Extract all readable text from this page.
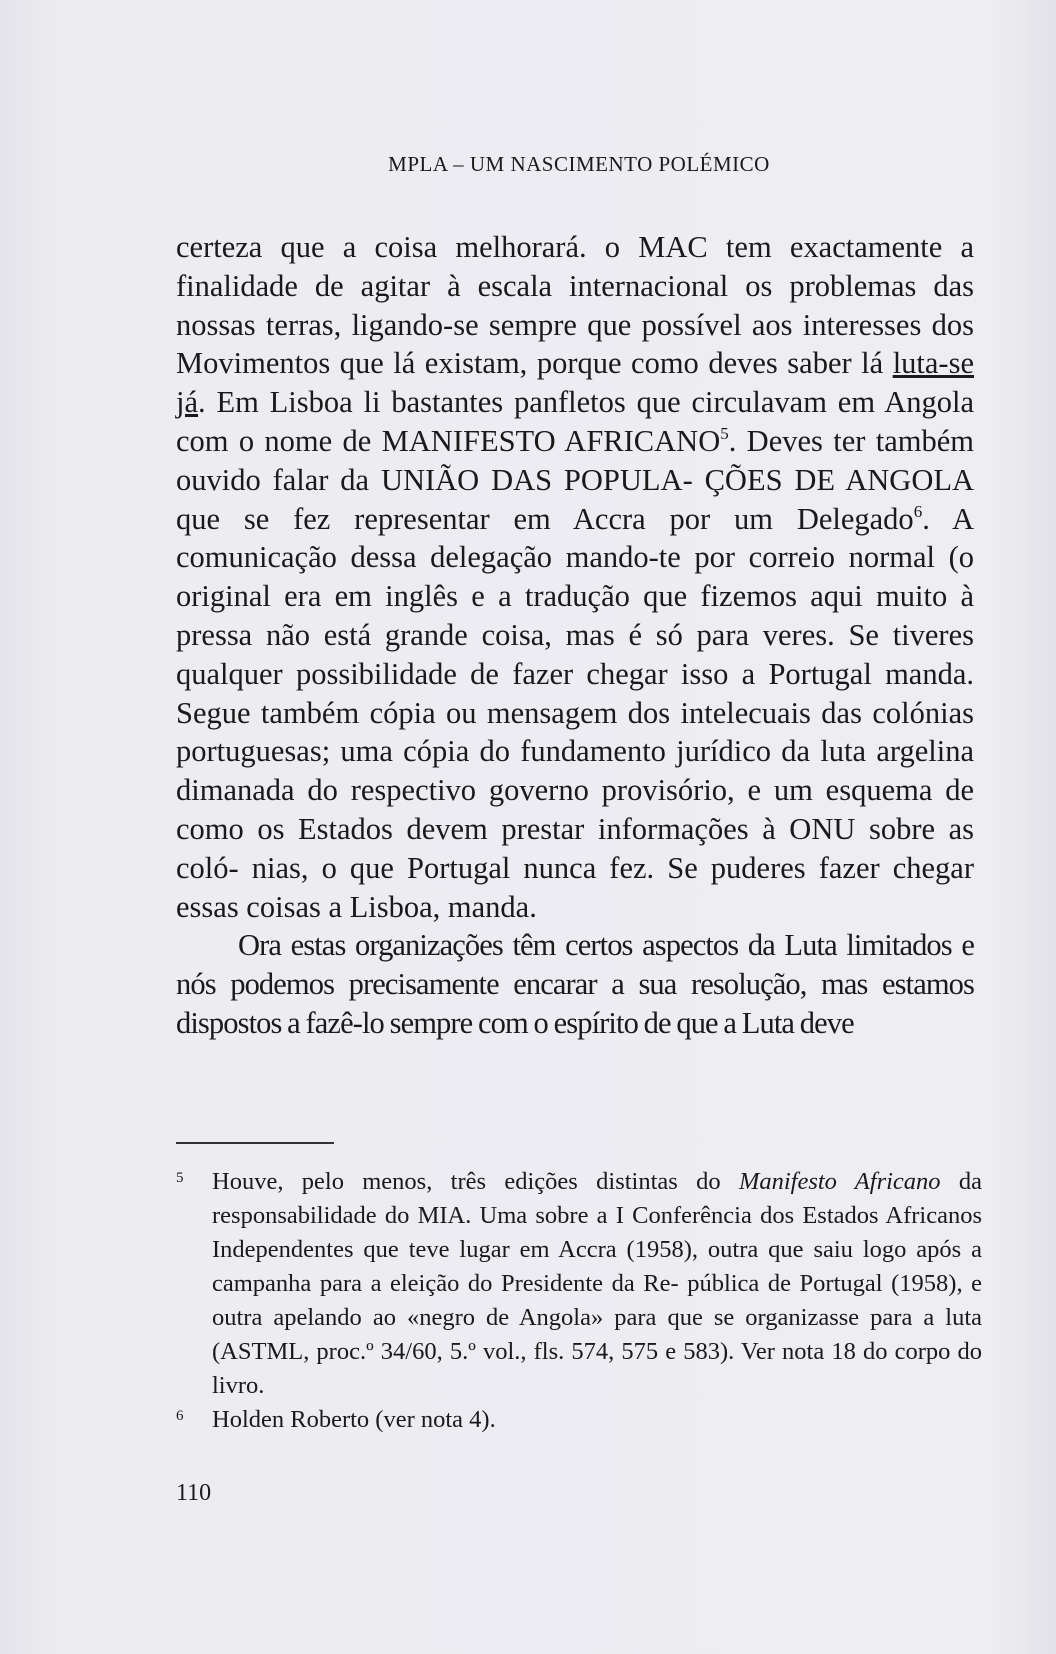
MPLA – UM NASCIMENTO POLÉMICO

certeza que a coisa melhorará. o MAC tem exactamente a finalidade de agitar à escala internacional os problemas das nossas terras, ligando-se sempre que possível aos interesses dos Movimentos que lá existam, porque como deves saber lá luta-se já. Em Lisboa li bastantes panfletos que circulavam em Angola com o nome de MANIFESTO AFRICANO$^5$. Deves ter também ouvido falar da UNIÃO DAS POPULA- ÇÕES DE ANGOLA que se fez representar em Accra por um Delegado$^6$. A comunicação dessa delegação mando-te por correio normal (o original era em inglês e a tradução que fizemos aqui muito à pressa não está grande coisa, mas é só para veres. Se tiveres qualquer possibilidade de fazer chegar isso a Portugal manda. Segue também cópia ou mensagem dos intelecuais das colónias portuguesas; uma cópia do fundamento jurídico da luta argelina dimanada do respectivo governo provisório, e um esquema de como os Estados devem prestar informações à ONU sobre as coló- nias, o que Portugal nunca fez. Se puderes fazer chegar essas coisas a Lisboa, manda.

Ora estas organizações têm certos aspectos da Luta limitados e nós podemos precisamente encarar a sua resolução, mas estamos dispostos a fazê-lo sempre com o espírito de que a Luta deve

5	Houve, pelo menos, três edições distintas do Manifesto Africano da responsabilidade do MIA. Uma sobre a I Conferência dos Estados Africanos Independentes que teve lugar em Accra (1958), outra que saiu logo após a campanha para a eleição do Presidente da Re- pública de Portugal (1958), e outra apelando ao «negro de Angola» para que se organizasse para a luta (ASTML, proc.º 34/60, 5.º vol., fls. 574, 575 e 583). Ver nota 18 do corpo do livro.
6	Holden Roberto (ver nota 4).
110
